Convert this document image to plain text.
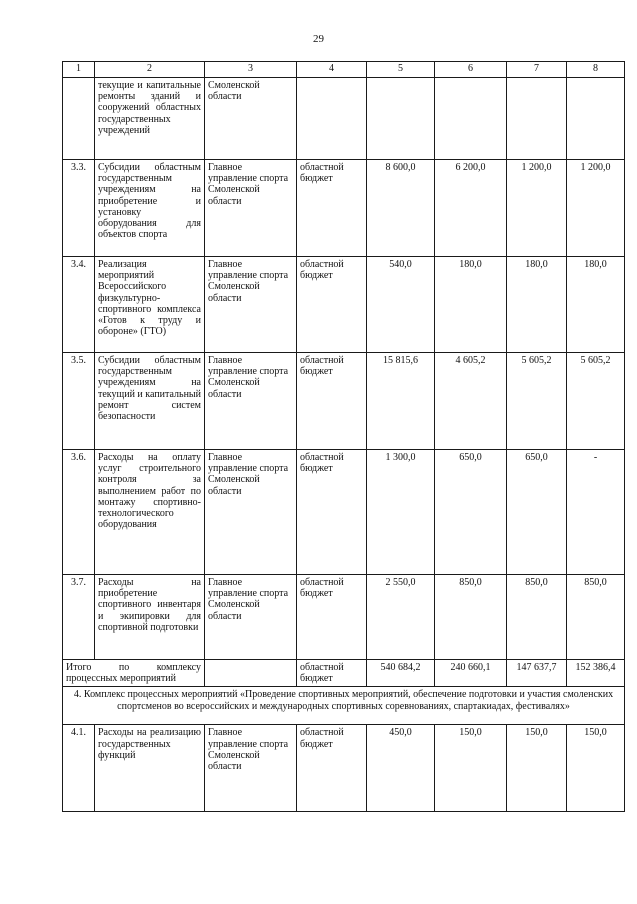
29
1	2	3	4	5	6	7	8
	текущие и капитальные ремонты зданий и сооружений областных государственных учреждений	Смоленской области					
3.3.	Субсидии областным государственным учреждениям на приобретение и установку оборудования для объектов спорта	Главное управление спорта Смоленской области	областной бюджет	8 600,0	6 200,0	1 200,0	1 200,0
3.4.	Реализация мероприятий Всероссийского физкультурно-спортивного комплекса «Готов к труду и обороне» (ГТО)	Главное управление спорта Смоленской области	областной бюджет	540,0	180,0	180,0	180,0
3.5.	Субсидии областным государственным учреждениям на текущий и капитальный ремонт систем безопасности	Главное управление спорта Смоленской области	областной бюджет	15 815,6	4 605,2	5 605,2	5 605,2
3.6.	Расходы на оплату услуг строительного контроля за выполнением работ по монтажу спортивно-технологического оборудования	Главное управление спорта Смоленской области	областной бюджет	1 300,0	650,0	650,0	-
3.7.	Расходы на приобретение спортивного инвентаря и экипировки для спортивной подготовки	Главное управление спорта Смоленской области	областной бюджет	2 550,0	850,0	850,0	850,0
Итого по комплексу процессных мероприятий			областной бюджет	540 684,2	240 660,1	147 637,7	152 386,4
4. Комплекс процессных мероприятий «Проведение спортивных мероприятий, обеспечение подготовки и участия смоленских спортсменов во всероссийских и международных спортивных соревнованиях, спартакиадах, фестивалях»							
4.1.	Расходы на реализацию государственных функций	Главное управление спорта Смоленской области	областной бюджет	450,0	150,0	150,0	150,0
